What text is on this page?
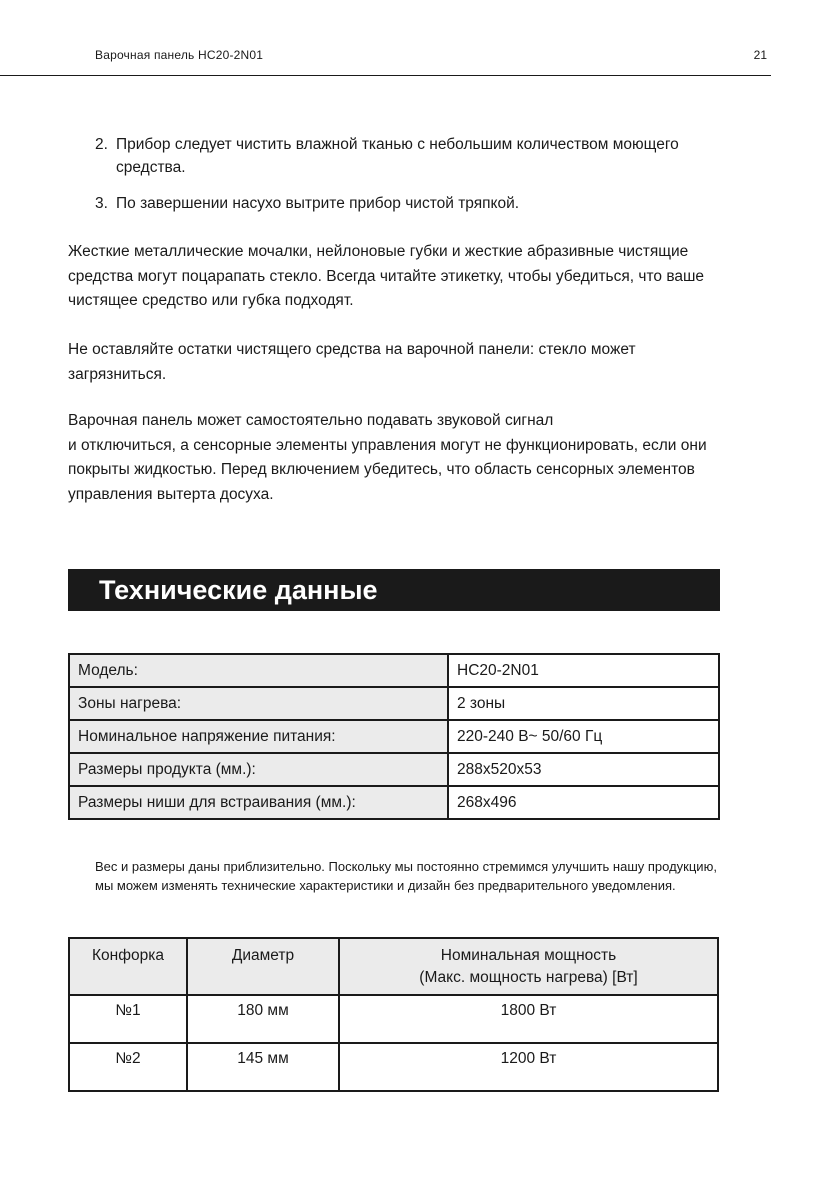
Варочная панель HC20-2N01	21
2. Прибор следует чистить влажной тканью с небольшим количеством моющего средства.
3. По завершении насухо вытрите прибор чистой тряпкой.

Жесткие металлические мочалки, нейлоновые губки и жесткие абразивные чистящие средства могут поцарапать стекло. Всегда читайте этикетку, чтобы убедиться, что ваше чистящее средство или губка подходят.

Не оставляйте остатки чистящего средства на варочной панели: стекло может загрязниться.

Варочная панель может самостоятельно подавать звуковой сигнал
и отключиться, а сенсорные элементы управления могут не функционировать, если они покрыты жидкостью. Перед включением убедитесь, что область сенсорных элементов управления вытерта досуха.

Технические данные
Модель:	HC20-2N01
Зоны нагрева:	2 зоны
Номинальное напряжение питания:	220-240 В~ 50/60 Гц
Размеры продукта (мм.):	288x520x53
Размеры ниши для встраивания (мм.):	268x496

Вес и размеры даны приблизительно. Поскольку мы постоянно стремимся улучшить нашу продукцию, мы можем изменять технические характеристики и дизайн без предварительного уведомления.

Конфорка	Диаметр	Номинальная мощность
(Макс. мощность нагрева) [Вт]
№1	180 мм	1800 Вт
№2	145 мм	1200 Вт
